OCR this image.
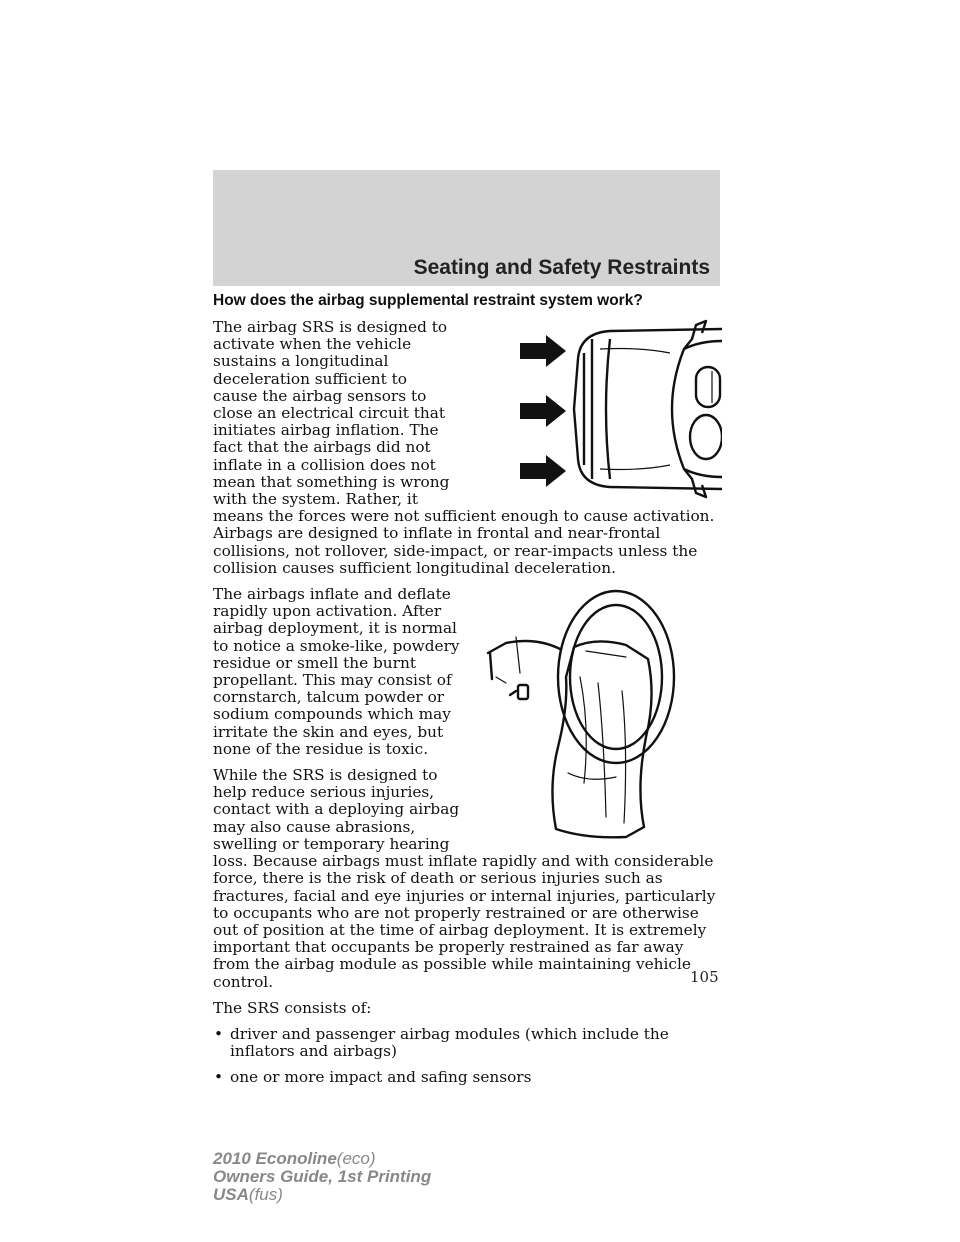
Seating and Safety Restraints
How does the airbag supplemental restraint system work?

The airbag SRS is designed to activate when the vehicle sustains a longitudinal deceleration sufficient to cause the airbag sensors to close an electrical circuit that initiates airbag inflation. The fact that the airbags did not inflate in a collision does not mean that something is wrong with the system. Rather, it means the forces were not sufficient enough to cause activation. Airbags are designed to inflate in frontal and near-frontal collisions, not rollover, side-impact, or rear-impacts unless the collision causes sufficient longitudinal deceleration.

The airbags inflate and deflate rapidly upon activation. After airbag deployment, it is normal to notice a smoke-like, powdery residue or smell the burnt propellant. This may consist of cornstarch, talcum powder or sodium compounds which may irritate the skin and eyes, but none of the residue is toxic.

While the SRS is designed to help reduce serious injuries, contact with a deploying airbag may also cause abrasions, swelling or temporary hearing loss. Because airbags must inflate rapidly and with considerable force, there is the risk of death or serious injuries such as fractures, facial and eye injuries or internal injuries, particularly to occupants who are not properly restrained or are otherwise out of position at the time of airbag deployment. It is extremely important that occupants be properly restrained as far away from the airbag module as possible while maintaining vehicle control.

The SRS consists of:

• driver and passenger airbag modules (which include the inflators and airbags)
• one or more impact and safing sensors
105
2010 Econoline(eco)
Owners Guide, 1st Printing
USA(fus)
